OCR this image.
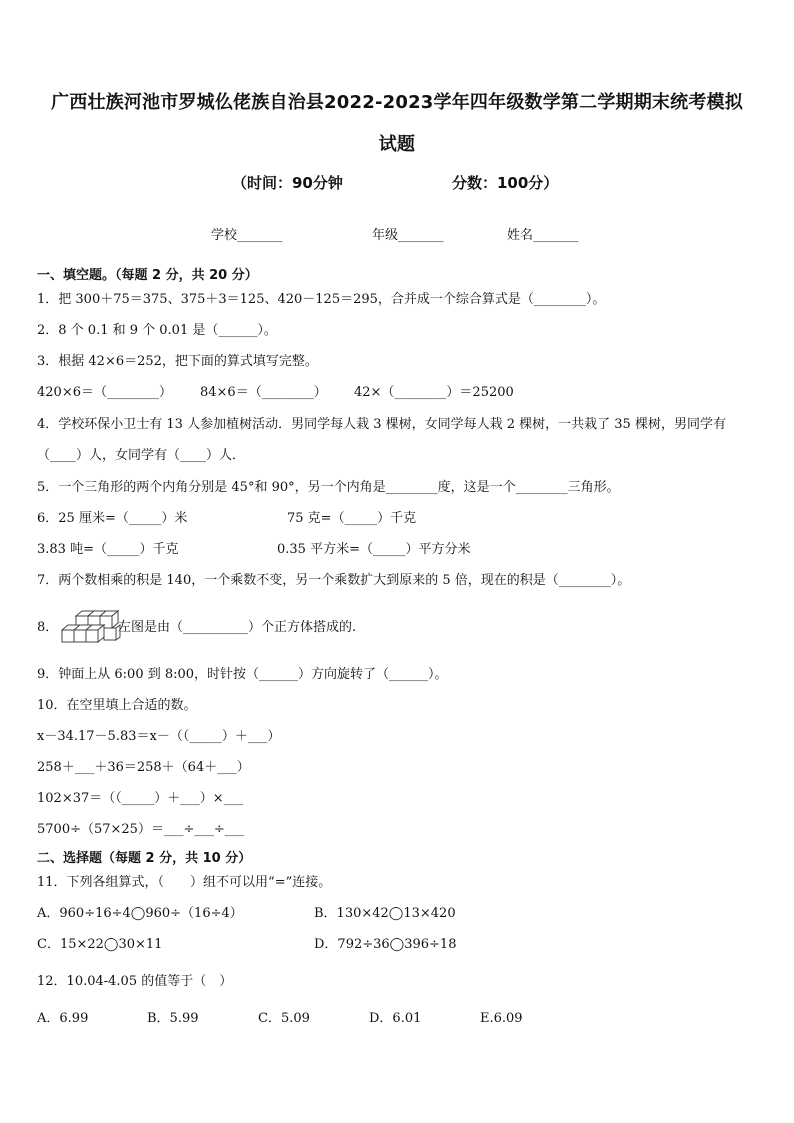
广西壮族河池市罗城仫佬族自治县2022-2023学年四年级数学第二学期期末统考模拟
试题
（时间：90分钟	分数：100分）
学校_______	年级_______	姓名_______
一、填空题。（每题 2 分，共 20 分）
1．把 300＋75＝375、375＋3＝125、420－125＝295，合并成一个综合算式是（________）。
2．8 个 0.1 和 9 个 0.01 是（______）。
3．根据 42×6＝252，把下面的算式填写完整。
420×6＝（________） 84×6＝（________） 42×（________）＝25200
4．学校环保小卫士有 13 人参加植树活动．男同学每人栽 3 棵树，女同学每人栽 2 棵树，一共栽了 35 棵树，男同学有
（____）人，女同学有（____）人．
5．一个三角形的两个内角分别是 45°和 90°，另一个内角是________度，这是一个________三角形。
6．25 厘米=（_____）米	75 克=（_____）千克
3.83 吨=（_____）千克	0.35 平方米=（_____）平方分米
7．两个数相乘的积是 140，一个乘数不变，另一个乘数扩大到原来的 5 倍，现在的积是（________）。
8．	左图是由（__________）个正方体搭成的.
9．钟面上从 6:00 到 8:00，时针按（______）方向旋转了（______）。
10．在空里填上合适的数。
x－34.17－5.83＝x－（（_____）＋___）
258＋___＋36＝258＋（64＋___）
102×37＝（（_____）＋___）×___
5700÷（57×25）＝___÷___÷___
二、选择题（每题 2 分，共 10 分）
11．下列各组算式，（　　）组不可以用“=”连接。
A．960÷16÷4◯960÷（16÷4）	B．130×42◯13×420
C．15×22◯30×11	D．792÷36◯396÷18
12．10.04-4.05 的值等于（　）
A．6.99	B．5.99	C．5.09	D．6.01	E.6.09
